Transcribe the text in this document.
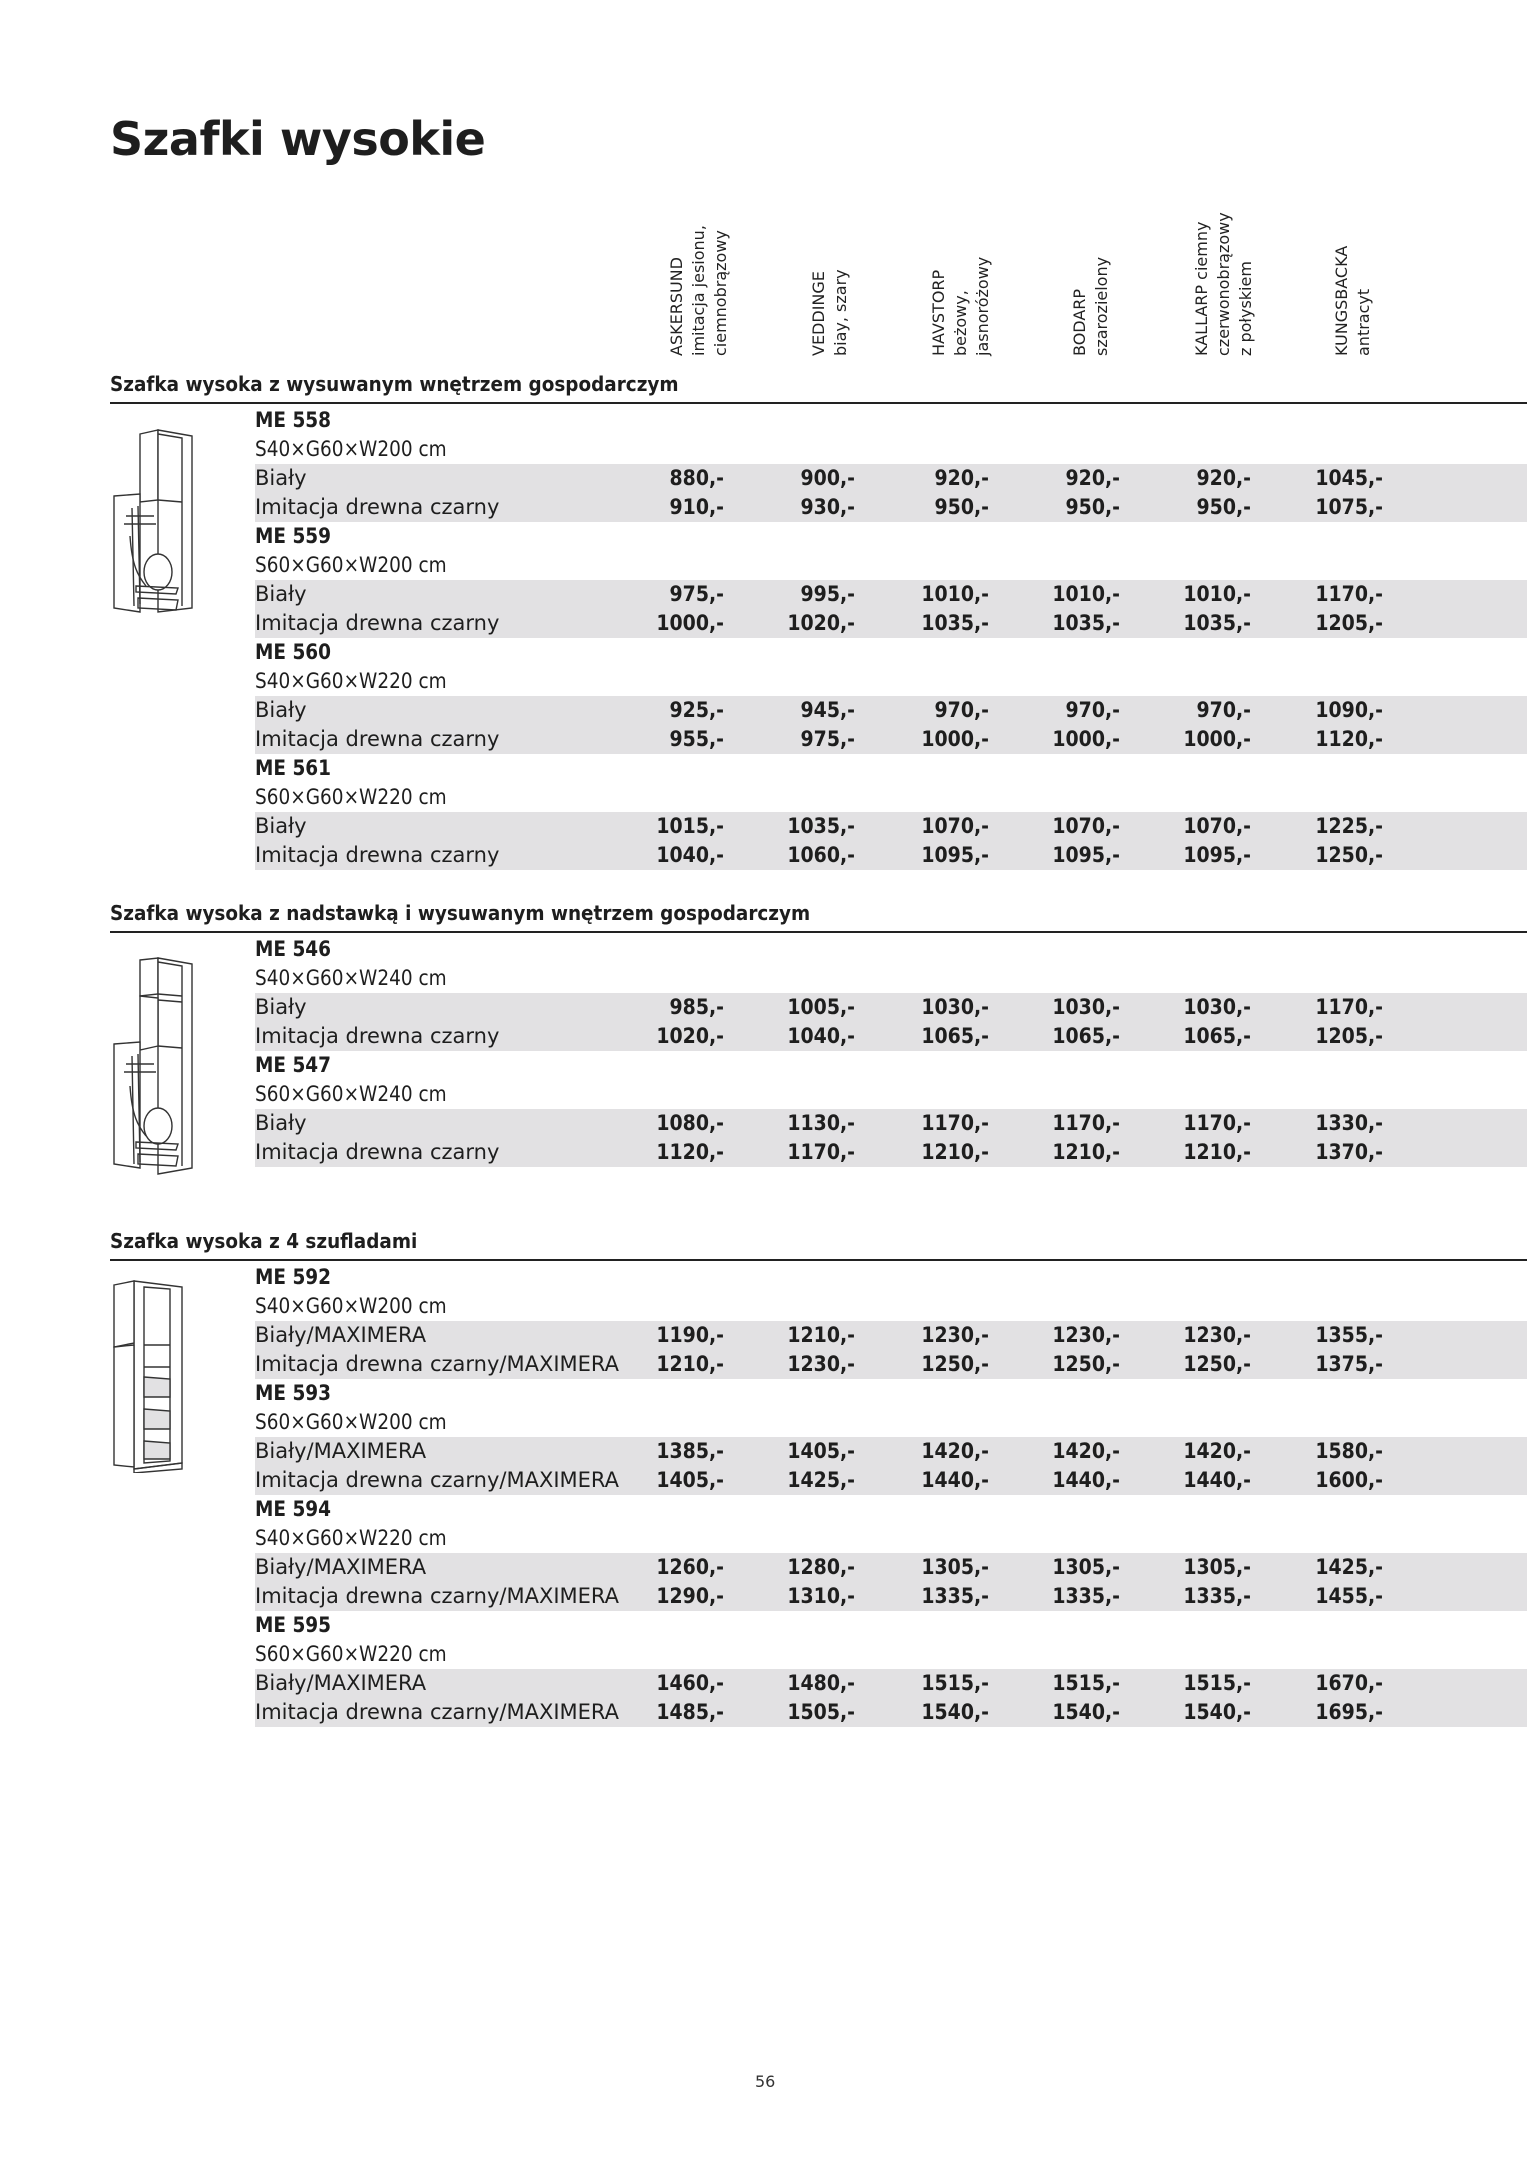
Szafki wysokie
ASKERSUND imitacja jesionu, ciemnobrązowy	VEDDINGE biay, szary	HAVSTORP beżowy, jasnoróżowy	BODARP szarozielony	KALLARP ciemny czerwonobrązowy z połyskiem	KUNGSBACKA antracyt
Szafka wysoka z wysuwanym wnętrzem gospodarczym
ME 558
S40×G60×W200 cm
Biały	880,-	900,-	920,-	920,-	920,-	1045,-
Imitacja drewna czarny	910,-	930,-	950,-	950,-	950,-	1075,-
ME 559
S60×G60×W200 cm
Biały	975,-	995,-	1010,-	1010,-	1010,-	1170,-
Imitacja drewna czarny	1000,-	1020,-	1035,-	1035,-	1035,-	1205,-
ME 560
S40×G60×W220 cm
Biały	925,-	945,-	970,-	970,-	970,-	1090,-
Imitacja drewna czarny	955,-	975,-	1000,-	1000,-	1000,-	1120,-
ME 561
S60×G60×W220 cm
Biały	1015,-	1035,-	1070,-	1070,-	1070,-	1225,-
Imitacja drewna czarny	1040,-	1060,-	1095,-	1095,-	1095,-	1250,-
Szafka wysoka z nadstawką i wysuwanym wnętrzem gospodarczym
ME 546
S40×G60×W240 cm
Biały	985,-	1005,-	1030,-	1030,-	1030,-	1170,-
Imitacja drewna czarny	1020,-	1040,-	1065,-	1065,-	1065,-	1205,-
ME 547
S60×G60×W240 cm
Biały	1080,-	1130,-	1170,-	1170,-	1170,-	1330,-
Imitacja drewna czarny	1120,-	1170,-	1210,-	1210,-	1210,-	1370,-
Szafka wysoka z 4 szufladami
ME 592
S40×G60×W200 cm
Biały/MAXIMERA	1190,-	1210,-	1230,-	1230,-	1230,-	1355,-
Imitacja drewna czarny/MAXIMERA	1210,-	1230,-	1250,-	1250,-	1250,-	1375,-
ME 593
S60×G60×W200 cm
Biały/MAXIMERA	1385,-	1405,-	1420,-	1420,-	1420,-	1580,-
Imitacja drewna czarny/MAXIMERA	1405,-	1425,-	1440,-	1440,-	1440,-	1600,-
ME 594
S40×G60×W220 cm
Biały/MAXIMERA	1260,-	1280,-	1305,-	1305,-	1305,-	1425,-
Imitacja drewna czarny/MAXIMERA	1290,-	1310,-	1335,-	1335,-	1335,-	1455,-
ME 595
S60×G60×W220 cm
Biały/MAXIMERA	1460,-	1480,-	1515,-	1515,-	1515,-	1670,-
Imitacja drewna czarny/MAXIMERA	1485,-	1505,-	1540,-	1540,-	1540,-	1695,-
56
